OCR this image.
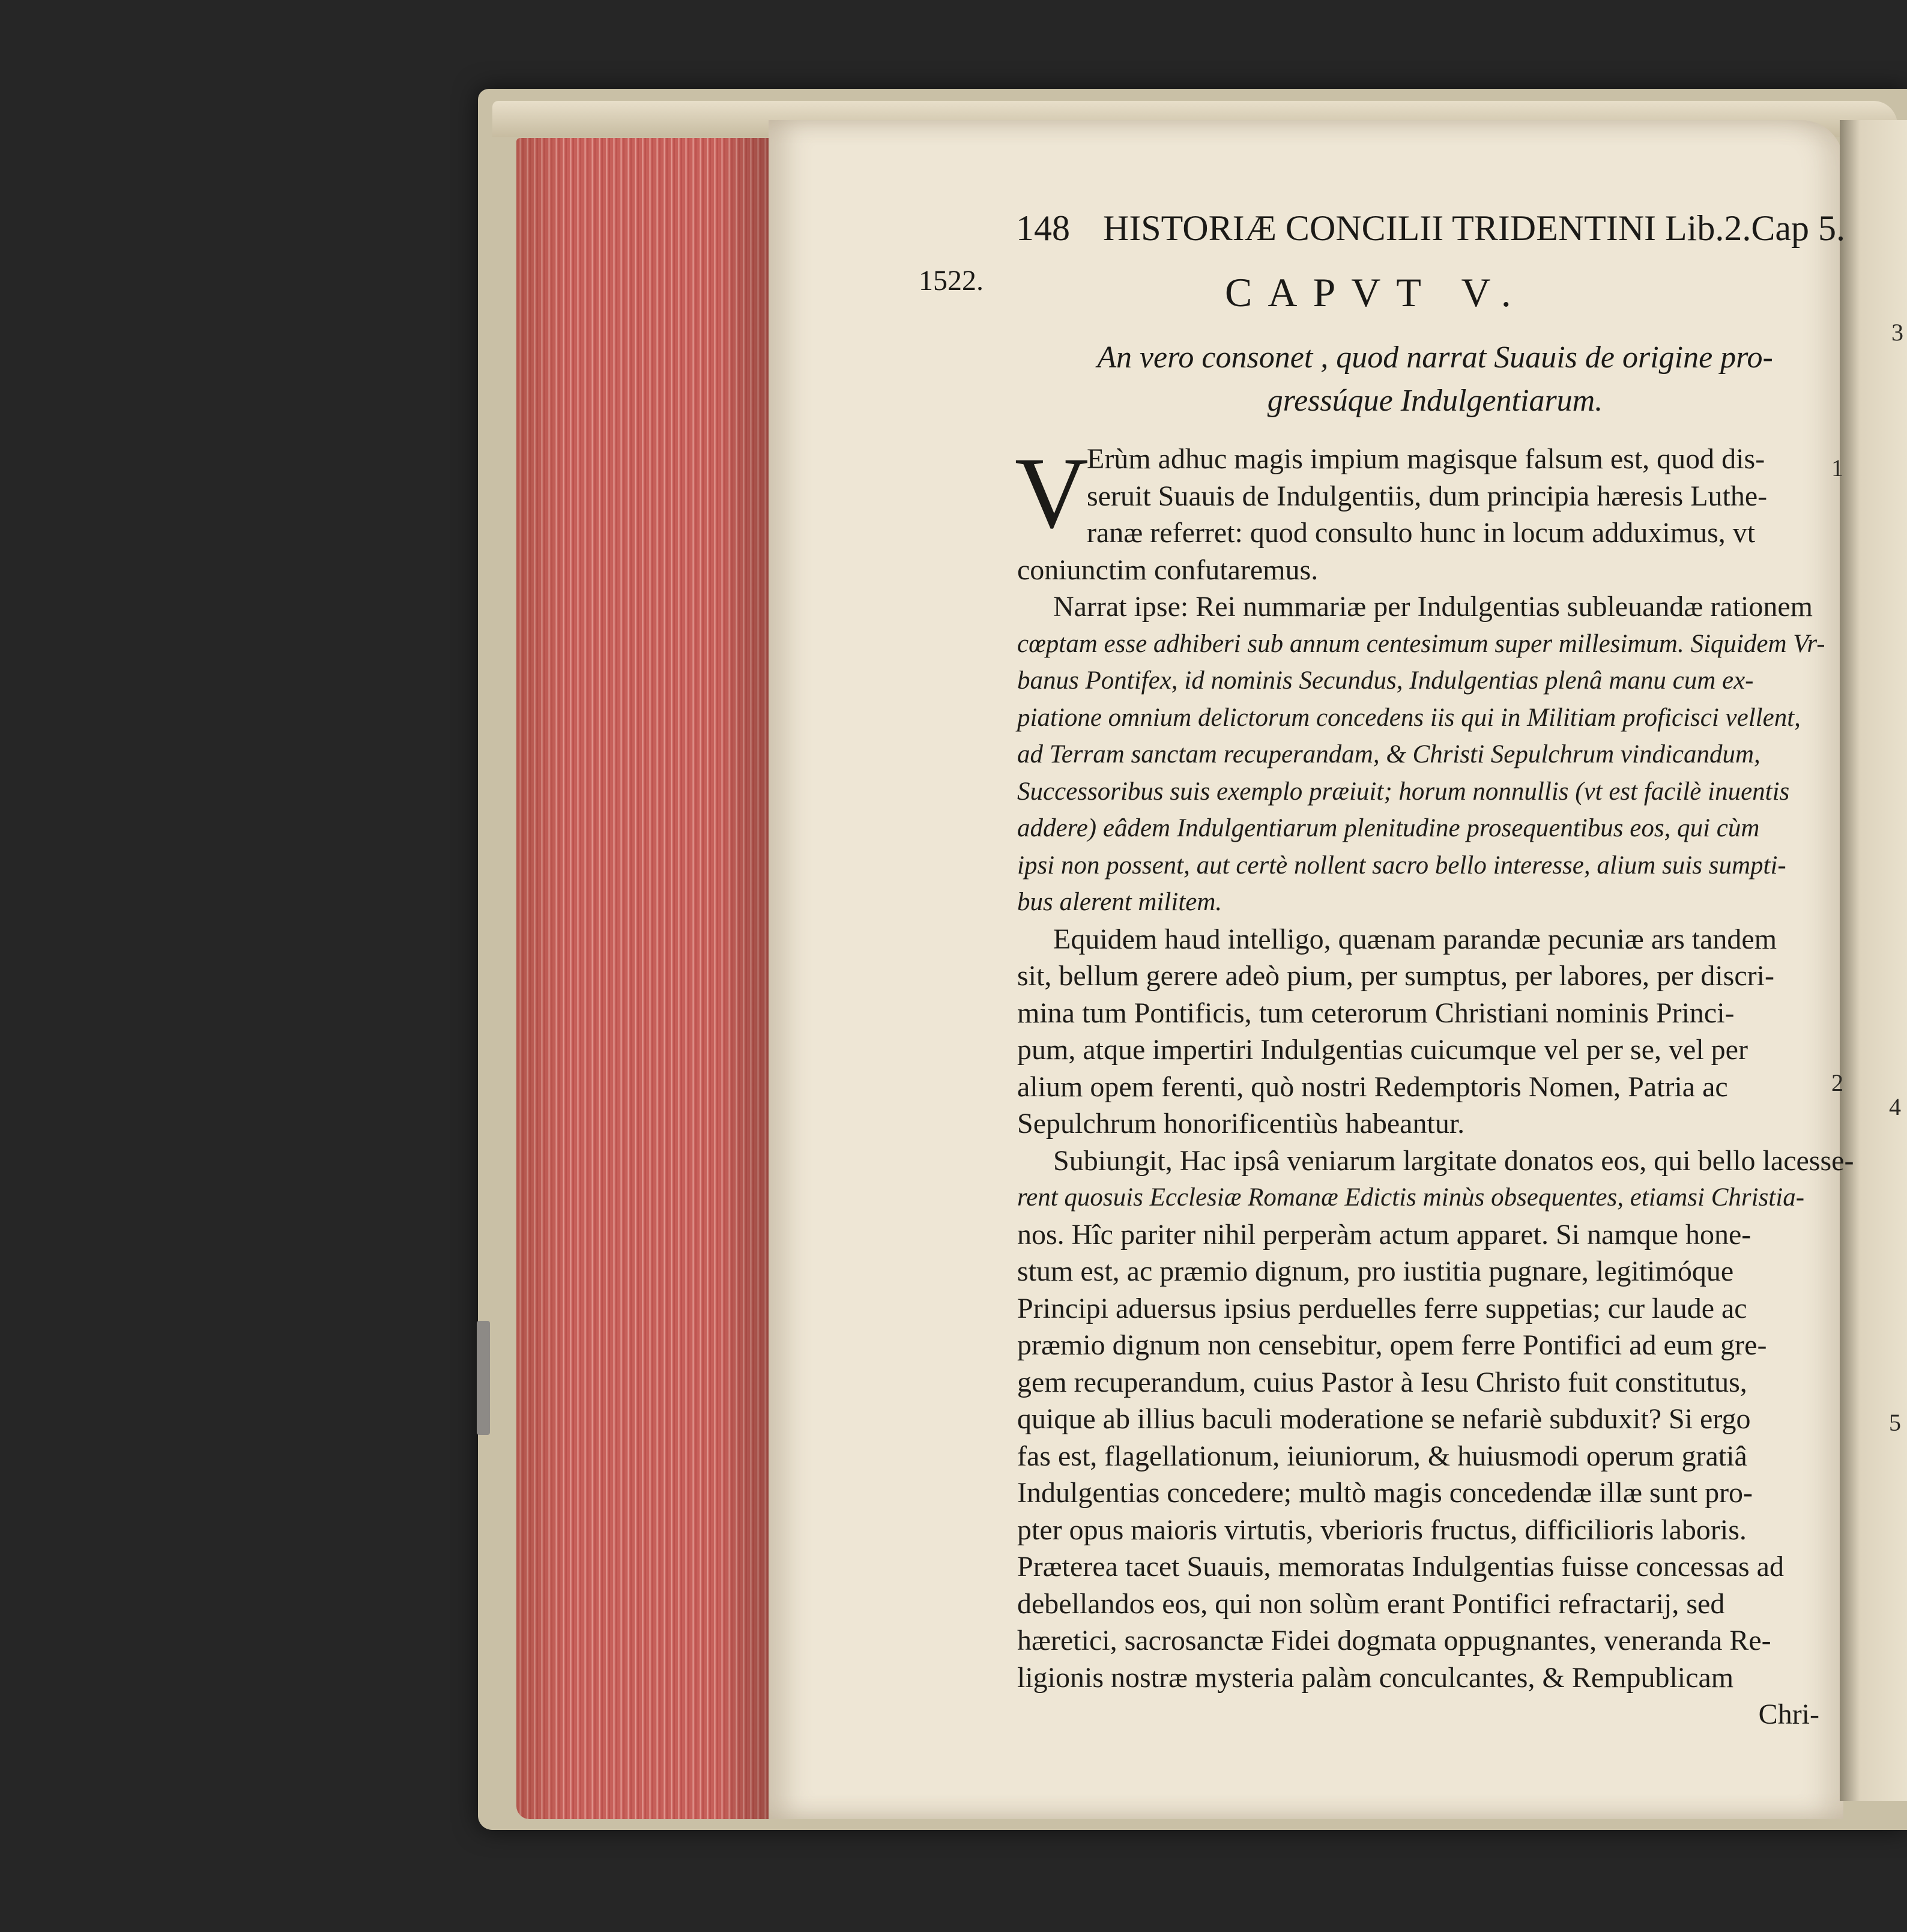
148 HISTORIÆ CONCILII TRIDENTINI Lib.2.Cap 5.
1522.	CAPVT V.
An vero consonet , quod narrat Suauis de origine pro-
gressúque Indulgentiarum.
V
Erùm adhuc magis impium magisque falsum est, quod dis-
seruit Suauis de Indulgentiis, dum principia hæresis Luthe-
ranæ referret: quod consulto hunc in locum adduximus, vt
coniunctim confutaremus.
Narrat ipse: Rei nummariæ per Indulgentias subleuandæ rationem
cœptam esse adhiberi sub annum centesimum super millesimum. Siquidem Vr-
banus Pontifex, id nominis Secundus, Indulgentias plenâ manu cum ex-
piatione omnium delictorum concedens iis qui in Militiam proficisci vellent,
ad Terram sanctam recuperandam, & Christi Sepulchrum vindicandum,
Successoribus suis exemplo præiuit; horum nonnullis (vt est facilè inuentis
addere) eâdem Indulgentiarum plenitudine prosequentibus eos, qui cùm
ipsi non possent, aut certè nollent sacro bello interesse, alium suis sumpti-
bus alerent militem.
Equidem haud intelligo, quænam parandæ pecuniæ ars tandem
sit, bellum gerere adeò pium, per sumptus, per labores, per discri-
mina tum Pontificis, tum ceterorum Christiani nominis Princi-
pum, atque impertiri Indulgentias cuicumque vel per se, vel per
alium opem ferenti, quò nostri Redemptoris Nomen, Patria ac
Sepulchrum honorificentiùs habeantur.
Subiungit, Hac ipsâ veniarum largitate donatos eos, qui bello lacesse-
rent quosuis Ecclesiæ Romanæ Edictis minùs obsequentes, etiamsi Christia-
nos. Hîc pariter nihil perperàm actum apparet. Si namque hone-
stum est, ac præmio dignum, pro iustitia pugnare, legitimóque
Principi aduersus ipsius perduelles ferre suppetias; cur laude ac
præmio dignum non censebitur, opem ferre Pontifici ad eum gre-
gem recuperandum, cuius Pastor à Iesu Christo fuit constitutus,
quique ab illius baculi moderatione se nefariè subduxit? Si ergo
fas est, flagellationum, ieiuniorum, & huiusmodi operum gratiâ
Indulgentias concedere; multò magis concedendæ illæ sunt pro-
pter opus maioris virtutis, vberioris fructus, difficilioris laboris.
Præterea tacet Suauis, memoratas Indulgentias fuisse concessas ad
debellandos eos, qui non solùm erant Pontifici refractarij, sed
hæretici, sacrosanctæ Fidei dogmata oppugnantes, veneranda Re-
ligionis nostræ mysteria palàm conculcantes, & Rempublicam
Chri-
1
2
3
4
5
